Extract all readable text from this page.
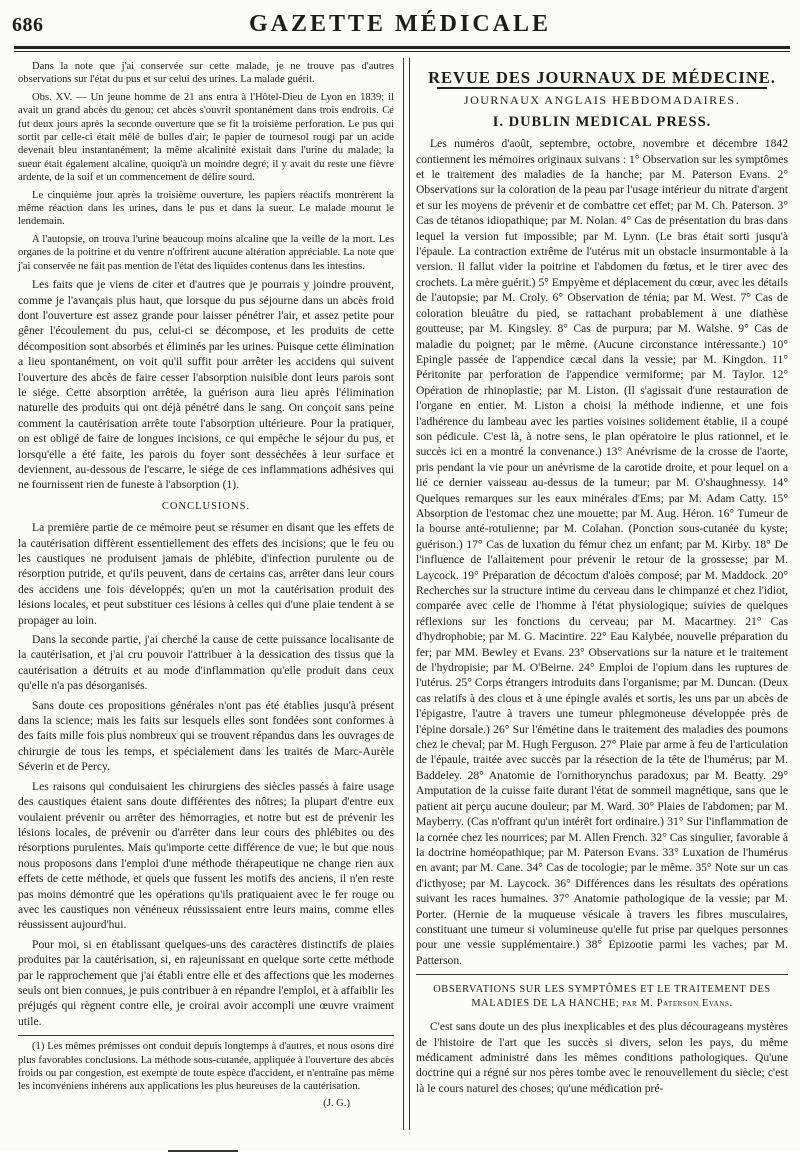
686	GAZETTE MÉDICALE

Dans la note que j'ai conservée sur cette malade, je ne trouve pas d'autres observations sur l'état du pus et sur celui des urines. La malade guérit.

Obs. XV. — Un jeune homme de 21 ans entra à l'Hôtel-Dieu de Lyon en 1839; il avait un grand abcès du genou; cet abcès s'ouvrit spontanément dans trois endroits. Ce fut deux jours après la seconde ouverture que se fit la troisième perforation. Le pus qui sortit par celle-ci était mêlé de bulles d'air; le papier de tournesol rougi par un acide devenait bleu instantanément; la même alcalinité existait dans l'urine du malade; la sueur était également alcaline, quoiqu'à un moindre degré; il y avait du reste une fièvre ardente, de la soif et un commencement de délire sourd.

Le cinquième jour après la troisième ouverture, les papiers réactifs montrèrent la même réaction dans les urines, dans le pus et dans la sueur. Le malade mourut le lendemain.

A l'autopsie, on trouva l'urine beaucoup moins alcaline que la veille de la mort. Les organes de la poitrine et du ventre n'offrirent aucune altération appréciable. La note que j'ai conservée ne fait pas mention de l'état des liquides contenus dans les intestins.

Les faits que je viens de citer et d'autres que je pourrais y joindre prouvent, comme je l'avançais plus haut, que lorsque du pus séjourne dans un abcès froid dont l'ouverture est assez grande pour laisser pénétrer l'air, et assez petite pour gêner l'écoulement du pus, celui-ci se décompose, et les produits de cette décomposition sont absorbés et éliminés par les urines. Puisque cette élimination a lieu spontanément, on voit qu'il suffit pour arrêter les accidens qui suivent l'ouverture des abcès de faire cesser l'absorption nuisible dont leurs parois sont le siége. Cette absorption arrêtée, la guérison aura lieu après l'élimination naturelle des produits qui ont déjà pénétré dans le sang. On conçoit sans peine comment la cautérisation arrête toute l'absorption ultérieure. Pour la pratiquer, on est obligé de faire de longues incisions, ce qui empêche le séjour du pus, et lorsqu'elle a été faite, les parois du foyer sont desséchées à leur surface et deviennent, au-dessous de l'escarre, le siége de ces inflammations adhésives qui ne fournissent rien de funeste à l'absorption (1).

CONCLUSIONS.

La première partie de ce mémoire peut se résumer en disant que les effets de la cautérisation diffèrent essentiellement des effets des incisions; que le feu ou les caustiques ne produisent jamais de phlébite, d'infection purulente ou de résorption putride, et qu'ils peuvent, dans de certains cas, arrêter dans leur cours des accidens une fois développés; qu'en un mot la cautérisation produit des lésions locales, et peut substituer ces lésions à celles qui d'une plaie tendent à se propager au loin.

Dans la seconde partie, j'ai cherché la cause de cette puissance localisante de la cautérisation, et j'ai cru pouvoir l'attribuer à la dessication des tissus que la cautérisation a détruits et au mode d'inflammation qu'elle produit dans ceux qu'elle n'a pas désorganisés.

Sans doute ces propositions générales n'ont pas été établies jusqu'à présent dans la science; mais les faits sur lesquels elles sont fondées sont conformes à des faits mille fois plus nombreux qui se trouvent répandus dans les ouvrages de chirurgie de tous les temps, et spécialement dans les traités de Marc-Aurèle Séverin et de Percy.

Les raisons qui conduisaient les chirurgiens des siècles passés à faire usage des caustiques étaient sans doute différentes des nôtres; la plupart d'entre eux voulaient prévenir ou arrêter des hémorragies, et notre but est de prévenir les lésions locales, de prévenir ou d'arrêter dans leur cours des phlébites ou des résorptions purulentes. Mais qu'importe cette différence de vue; le but que nous nous proposons dans l'emploi d'une méthode thérapeutique ne change rien aux effets de cette méthode, et quels que fussent les motifs des anciens, il n'en reste pas moins démontré que les opérations qu'ils pratiquaient avec le fer rouge ou avec les caustiques non vénéneux réussissaient entre leurs mains, comme elles réussissent aujourd'hui.

Pour moi, si en établissant quelques-uns des caractères distinctifs de plaies produites par la cautérisation, si, en rajeunissant en quelque sorte cette méthode par le rapprochement que j'ai établi entre elle et des affections que les modernes seuls ont bien connues, je puis contribuer à en répandre l'emploi, et à affaiblir les préjugés qui règnent contre elle, je croirai avoir accompli une œuvre vraiment utile.

(1) Les mêmes prémisses ont conduit depuis longtemps à d'autres, et nous osons dire plus favorables conclusions. La méthode sous-cutanée, appliquée à l'ouverture des abcès froids ou par congestion, est exempte de toute espèce d'accident, et n'entraîne pas même les inconvéniens inhérens aux applications les plus heureuses de la cautérisation.

(J. G.)

REVUE DES JOURNAUX DE MÉDECINE.
JOURNAUX ANGLAIS HEBDOMADAIRES.
I. DUBLIN MEDICAL PRESS.

Les numéros d'août, septembre, octobre, novembre et décembre 1842 contiennent les mémoires originaux suivans : 1° Observation sur les symptômes et le traitement des maladies de la hanche; par M. Paterson Evans. 2° Observations sur la coloration de la peau par l'usage intérieur du nitrate d'argent et sur les moyens de prévenir et de combattre cet effet; par M. Ch. Paterson. 3° Cas de tétanos idiopathique; par M. Nolan. 4° Cas de présentation du bras dans lequel la version fut impossible; par M. Lynn. (Le bras était sorti jusqu'à l'épaule. La contraction extrême de l'utérus mit un obstacle insurmontable à la version. Il fallut vider la poitrine et l'abdomen du fœtus, et le tirer avec des crochets. La mère guérit.) 5° Empyème et déplacement du cœur, avec les détails de l'autopsie; par M. Croly. 6° Observation de ténia; par M. West. 7° Cas de coloration bleuâtre du pied, se rattachant probablement à une diathèse goutteuse; par M. Kingsley. 8° Cas de purpura; par M. Walshe. 9° Cas de maladie du poignet; par le même. (Aucune circonstance intéressante.) 10° Epingle passée de l'appendice cæcal dans la vessie; par M. Kingdon. 11° Péritonite par perforation de l'appendice vermiforme; par M. Taylor. 12° Opération de rhinoplastie; par M. Liston. (Il s'agissait d'une restauration de l'organe en entier. M. Liston a choisi la méthode indienne, et une fois l'adhérence du lambeau avec les parties voisines solidement établie, il a coupé son pédicule. C'est là, à notre sens, le plan opératoire le plus rationnel, et le succès ici en a montré la convenance.) 13° Anévrisme de la crosse de l'aorte, pris pendant la vie pour un anévrisme de la carotide droite, et pour lequel on a lié ce dernier vaisseau au-dessus de la tumeur; par M. O'shaughnessy. 14° Quelques remarques sur les eaux minérales d'Ems; par M. Adam Catty. 15° Absorption de l'estomac chez une mouette; par M. Aug. Héron. 16° Tumeur de la bourse anté-rotulienne; par M. Colahan. (Ponction sous-cutanée du kyste; guérison.) 17° Cas de luxation du fémur chez un enfant; par M. Kirby. 18° De l'influence de l'allaitement pour prévenir le retour de la grossesse; par M. Laycock. 19° Préparation de décoctum d'aloès composé; par M. Maddock. 20° Recherches sur la structure intime du cerveau dans le chimpanzé et chez l'idiot, comparée avec celle de l'homme à l'état physiologique; suivies de quelques réflexions sur les fonctions du cerveau; par M. Macartney. 21° Cas d'hydrophobie; par M. G. Macintire. 22° Eau Kalybée, nouvelle préparation du fer; par MM. Bewley et Evans. 23° Observations sur la nature et le traitement de l'hydropisie; par M. O'Beirne. 24° Emploi de l'opium dans les ruptures de l'utérus. 25° Corps étrangers introduits dans l'organisme; par M. Duncan. (Deux cas relatifs à des clous et à une épingle avalés et sortis, les uns par un abcès de l'épigastre, l'autre à travers une tumeur phlegmoneuse développée près de l'épine dorsale.) 26° Sur l'émétine dans le traitement des maladies des poumons chez le cheval; par M. Hugh Ferguson. 27° Plaie par arme à feu de l'articulation de l'épaule, traitée avec succès par la résection de la tête de l'humérus; par M. Baddeley. 28° Anatomie de l'ornithorynchus paradoxus; par M. Beatty. 29° Amputation de la cuisse faite durant l'état de sommeil magnétique, sans que le patient ait perçu aucune douleur; par M. Ward. 30° Plaies de l'abdomen; par M. Mayberry. (Cas n'offrant qu'un intérêt fort ordinaire.) 31° Sur l'inflammation de la cornée chez les nourrices; par M. Allen French. 32° Cas singulier, favorable à la doctrine homéopathique; par M. Paterson Evans. 33° Luxation de l'humérus en avant; par M. Cane. 34° Cas de tocologie; par le même. 35° Note sur un cas d'icthyose; par M. Laycock. 36° Différences dans les résultats des opérations suivant les races humaines. 37° Anatomie pathologique de la vessie; par M. Porter. (Hernie de la muqueuse vésicale à travers les fibres musculaires, constituant une tumeur si volumineuse qu'elle fut prise par quelques personnes pour une vessie supplémentaire.) 38° Epizootie parmi les vaches; par M. Patterson.

OBSERVATIONS SUR LES SYMPTÔMES ET LE TRAITEMENT DES MALADIES DE LA HANCHE; par M. Paterson Evans.

C'est sans doute un des plus inexplicables et des plus décourageans mystères de l'histoire de l'art que les succès si divers, selon les pays, du même médicament administré dans les mêmes conditions pathologiques. Qu'une doctrine qui a régné sur nos pères tombe avec le renouvellement du siècle; c'est là le cours naturel des choses; qu'une médication pré-
